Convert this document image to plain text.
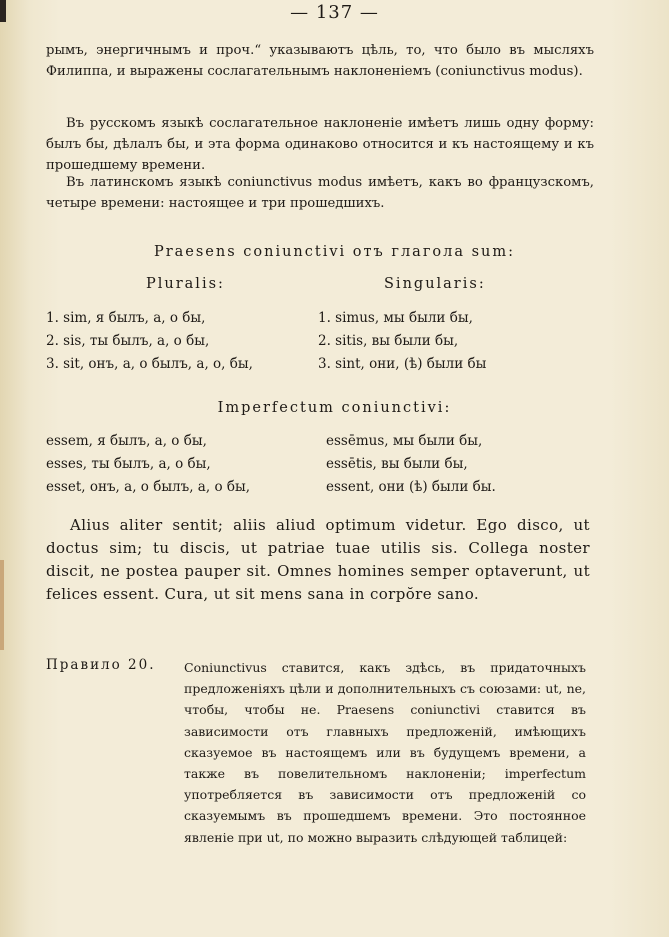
— 137 —
рымъ, энергичнымъ и проч.“ указываютъ цѣль, то, что было въ мысляхъ Филиппа, и выражены сослагательнымъ наклоненіемъ (coniunctivus modus).
Въ русскомъ языкѣ сослагательное наклоненіе имѣетъ лишь одну форму: былъ бы, дѣлалъ бы, и эта форма одинаково относится и къ настоящему и къ прошедшему времени.
Въ латинскомъ языкѣ coniunctivus modus имѣетъ, какъ во французскомъ, четыре времени: настоящее и три прошедшихъ.
Praesens coniunctivi отъ глагола sum:
Pluralis:	Singularis:
1. sim, я былъ, а, о бы,
2. sis, ты былъ, а, о бы,
3. sit, онъ, а, о былъ, а, о, бы,
1. simus, мы были бы,
2. sitis, вы были бы,
3. sint, они, (ѣ) были бы
Imperfectum coniunctivi:
essem, я былъ, а, о бы,
esses, ты былъ, а, о бы,
esset, онъ, а, о былъ, а, о бы,
essēmus, мы были бы,
essētis, вы были бы,
essent, они (ѣ) были бы.
Alius aliter sentit; aliis aliud optimum videtur. Ego disco, ut doctus sim; tu discis, ut patriae tuae utilis sis. Collega noster discit, ne postea pauper sit. Omnes homines semper optaverunt, ut felices essent. Cura, ut sit mens sana in corpŏre sano.
Правило 20. Coniunctivus ставится, какъ здѣсь, въ придаточныхъ предложеніяхъ цѣли и дополнительныхъ съ союзами: ut, ne, чтобы, чтобы не. Praesens coniunctivi ставится въ зависимости отъ главныхъ предложеній, имѣющихъ сказуемое въ настоящемъ или въ будущемъ времени, а также въ повелительномъ наклоненіи; imperfectum употребляется въ зависимости отъ предложеній со сказуемымъ въ прошедшемъ времени. Это постоянное явленіе при ut, по можно выразить слѣдующей таблицей:
